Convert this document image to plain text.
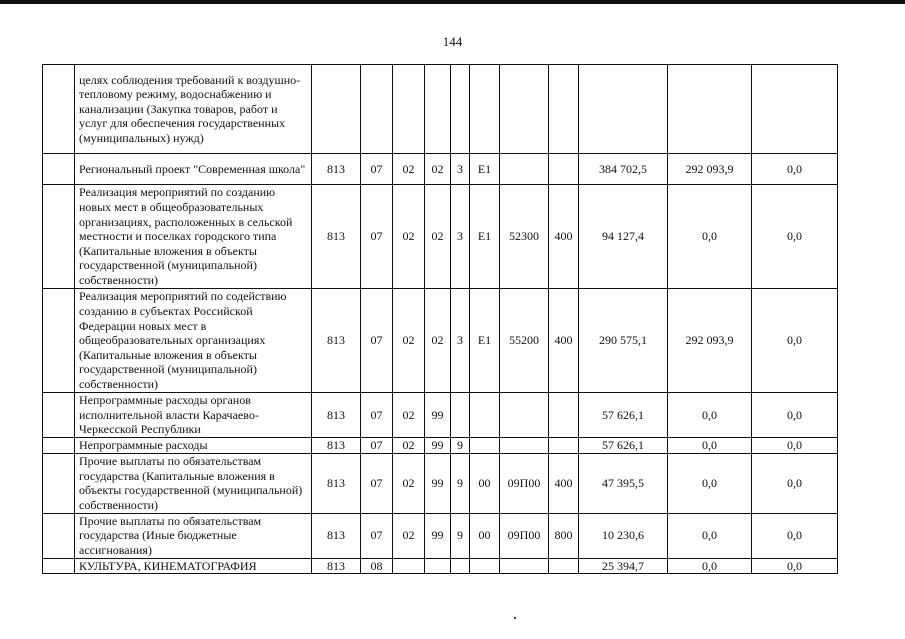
144
	целях соблюдения требований к воздушно-тепловому режиму, водоснабжению и канализации (Закупка товаров, работ и услуг для обеспечения государственных (муниципальных) нужд)											
	Региональный проект "Современная школа"	813	07	02	02	3	E1			384 702,5	292 093,9	0,0
	Реализация мероприятий по созданию новых мест в общеобразовательных организациях, расположенных в сельской местности и поселках городского типа (Капитальные вложения в объекты государственной (муниципальной) собственности)	813	07	02	02	3	E1	52300	400	94 127,4	0,0	0,0
	Реализация мероприятий по содействию созданию в субъектах Российской Федерации новых мест в общеобразовательных организациях (Капитальные вложения в объекты государственной (муниципальной) собственности)	813	07	02	02	3	E1	55200	400	290 575,1	292 093,9	0,0
	Непрограммные расходы органов исполнительной власти Карачаево-Черкесской Республики	813	07	02	99					57 626,1	0,0	0,0
	Непрограммные расходы	813	07	02	99	9				57 626,1	0,0	0,0
	Прочие выплаты по обязательствам государства (Капитальные вложения в объекты государственной (муниципальной) собственности)	813	07	02	99	9	00	09П00	400	47 395,5	0,0	0,0
	Прочие выплаты по обязательствам государства (Иные бюджетные ассигнования)	813	07	02	99	9	00	09П00	800	10 230,6	0,0	0,0
	КУЛЬТУРА, КИНЕМАТОГРАФИЯ	813	08							25 394,7	0,0	0,0
